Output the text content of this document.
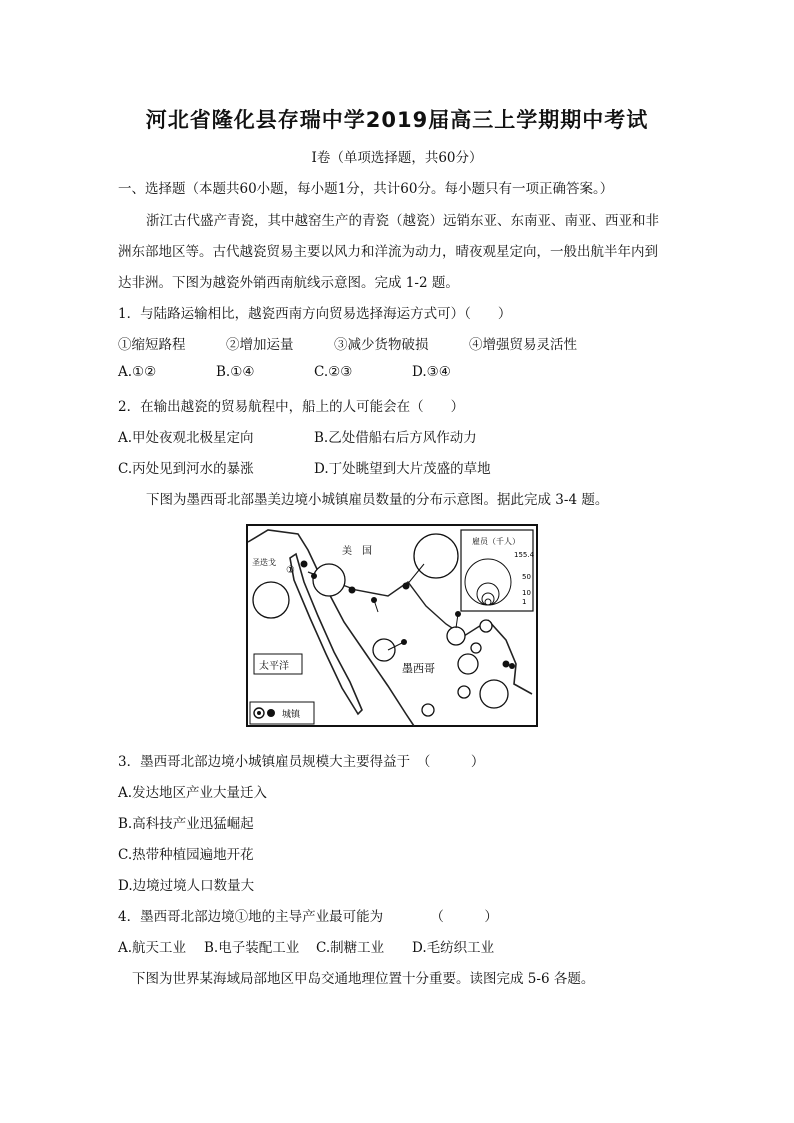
河北省隆化县存瑞中学2019届高三上学期期中考试
Ⅰ卷（单项选择题，共60分）
一、选择题（本题共60小题，每小题1分，共计60分。每小题只有一项正确答案。）
浙江古代盛产青瓷，其中越窑生产的青瓷（越瓷）远销东亚、东南亚、南亚、西亚和非
洲东部地区等。古代越瓷贸易主要以风力和洋流为动力，晴夜观星定向，一般出航半年内到
达非洲。下图为越瓷外销西南航线示意图。完成 1-2 题。
1．与陆路运输相比，越瓷西南方向贸易选择海运方式可）（　　）
①缩短路程　　　②增加运量　　　③减少货物破损　　　④增强贸易灵活性
A.①②	B.①④	C.②③	D.③④
2．在输出越瓷的贸易航程中，船上的人可能会在（　　）
A.甲处夜观北极星定向	B.乙处借船右后方风作动力
C.丙处见到河水的暴涨	D.丁处眺望到大片茂盛的草地
下图为墨西哥北部墨美边境小城镇雇员数量的分布示意图。据此完成 3-4 题。
雇员（千人）
155.4
50
10
1
美　国
圣迭戈
①
太平洋	墨西哥
城镇
3．墨西哥北部边境小城镇雇员规模大主要得益于　（　　　）
A.发达地区产业大量迁入
B.高科技产业迅猛崛起
C.热带种植园遍地开花
D.边境过境人口数量大
4．墨西哥北部边境①地的主导产业最可能为　　　　（　　　）
A.航天工业 B.电子装配工业 C.制糖工业 D.毛纺织工业
下图为世界某海域局部地区甲岛交通地理位置十分重要。读图完成 5-6 各题。
